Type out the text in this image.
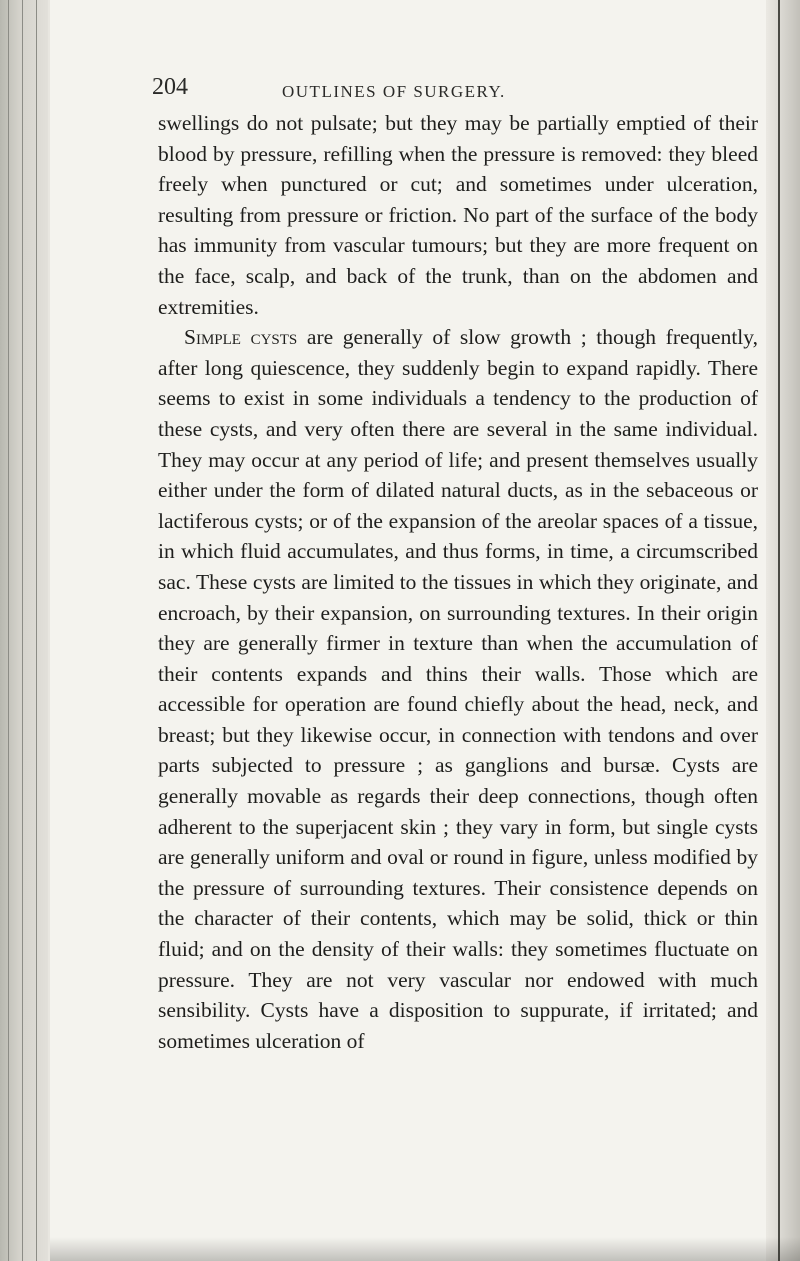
204	OUTLINES OF SURGERY.

swellings do not pulsate; but they may be partially emptied of their blood by pressure, refilling when the pressure is removed: they bleed freely when punctured or cut; and sometimes under ulceration, resulting from pressure or friction. No part of the surface of the body has immunity from vascular tumours; but they are more frequent on the face, scalp, and back of the trunk, than on the abdomen and extremities.

Simple cysts are generally of slow growth ; though frequently, after long quiescence, they suddenly begin to expand rapidly. There seems to exist in some individuals a tendency to the production of these cysts, and very often there are several in the same individual. They may occur at any period of life; and present themselves usually either under the form of dilated natural ducts, as in the sebaceous or lactiferous cysts; or of the expansion of the areolar spaces of a tissue, in which fluid accumulates, and thus forms, in time, a circumscribed sac. These cysts are limited to the tissues in which they originate, and encroach, by their expansion, on surrounding textures. In their origin they are generally firmer in texture than when the accumulation of their contents expands and thins their walls. Those which are accessible for operation are found chiefly about the head, neck, and breast; but they likewise occur, in connection with tendons and over parts subjected to pressure ; as ganglions and bursæ. Cysts are generally movable as regards their deep connections, though often adherent to the superjacent skin ; they vary in form, but single cysts are generally uniform and oval or round in figure, unless modified by the pressure of surrounding textures. Their consistence depends on the character of their contents, which may be solid, thick or thin fluid; and on the density of their walls: they sometimes fluctuate on pressure. They are not very vascular nor endowed with much sensibility. Cysts have a disposition to suppurate, if irritated; and sometimes ulceration of
